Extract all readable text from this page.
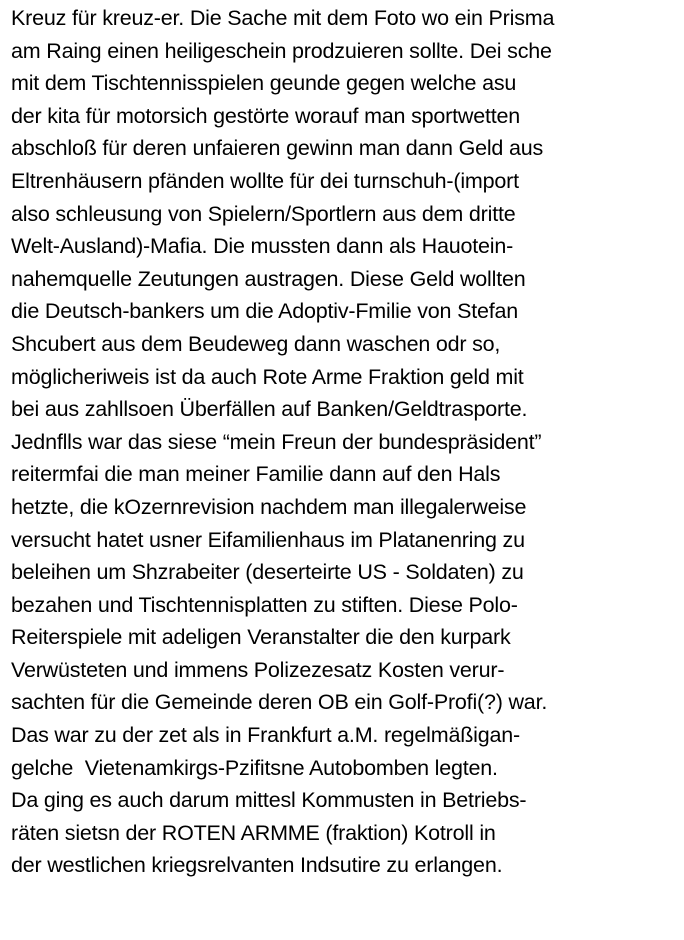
Kreuz für kreuz-er. Die Sache mit dem Foto wo ein Prisma
am Raing einen heiligeschein prodzuieren sollte. Dei sche
mit dem Tischtennisspielen geunde gegen welche asu
der kita für motorsich gestörte worauf man sportwetten
abschloß für deren unfaieren gewinn man dann Geld aus
Eltrenhäusern pfänden wollte für dei turnschuh-(import
also schleusung von Spielern/Sportlern aus dem dritte
Welt-Ausland)-Mafia. Die mussten dann als Hauotein-
nahemquelle Zeutungen austragen. Diese Geld wollten
die Deutsch-bankers um die Adoptiv-Fmilie von Stefan
Shcubert aus dem Beudeweg dann waschen odr so,
möglicheriweis ist da auch Rote Arme Fraktion geld mit
bei aus zahllsoen Überfällen auf Banken/Geldtrasporte.
Jednflls war das siese “mein Freun der bundespräsident”
reitermfai die man meiner Familie dann auf den Hals
hetzte, die kOzernrevision nachdem man illegalerweise
versucht hatet usner Eifamilienhaus im Platanenring zu
beleihen um Shzrabeiter (deserteirte US - Soldaten) zu
bezahen und Tischtennisplatten zu stiften. Diese Polo-
Reiterspiele mit adeligen Veranstalter die den kurpark
Verwüsteten und immens Polizezesatz Kosten verur-
sachten für die Gemeinde deren OB ein Golf-Profi(?) war.
Das war zu der zet als in Frankfurt a.M. regelmäßigan-
gelche  Vietenamkirgs-Pzifitsne Autobomben legten.
Da ging es auch darum mittesl Kommusten in Betriebs-
räten sietsn der ROTEN ARMME (fraktion) Kotroll in
der westlichen kriegsrelvanten Indsutire zu erlangen.
